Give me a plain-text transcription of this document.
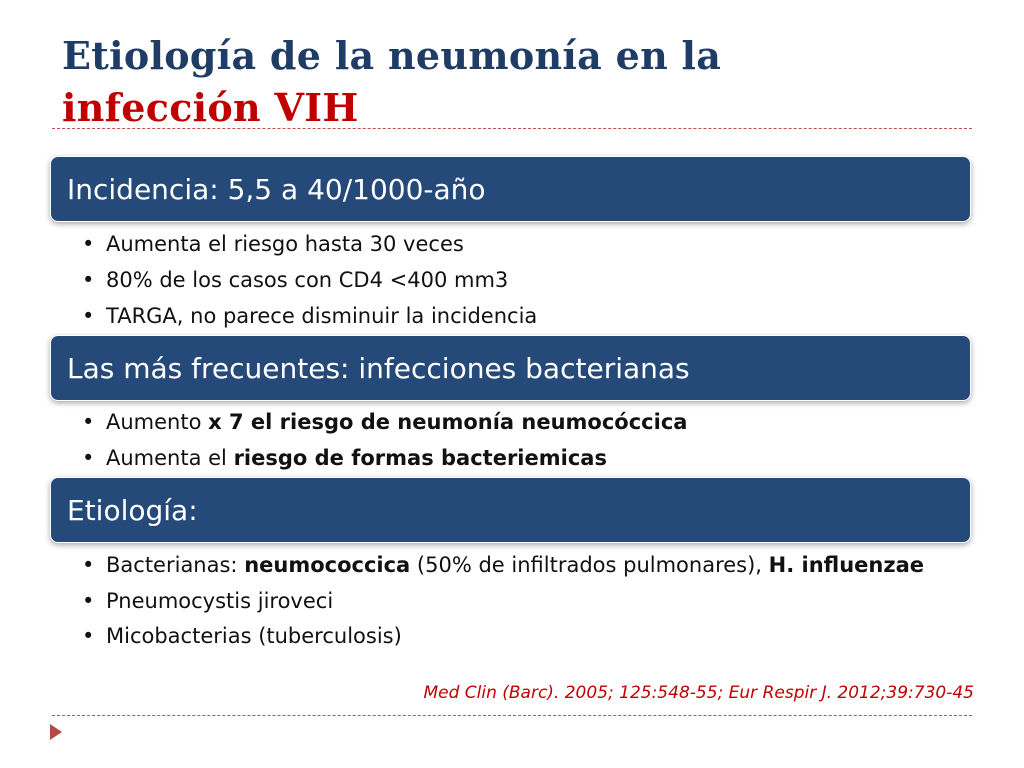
Etiología de la neumonía en la
infección VIH
Incidencia: 5,5 a 40/1000-año
• Aumenta el riesgo hasta 30 veces
• 80% de los casos con CD4 <400 mm3
• TARGA, no parece disminuir la incidencia
Las más frecuentes: infecciones bacterianas
• Aumento x 7 el riesgo de neumonía neumocóccica
• Aumenta el riesgo de formas bacteriemicas
Etiología:
• Bacterianas: neumococcica (50% de infiltrados pulmonares), H. influenzae
• Pneumocystis jiroveci
• Micobacterias (tuberculosis)
Med Clin (Barc). 2005; 125:548-55; Eur Respir J. 2012;39:730-45
